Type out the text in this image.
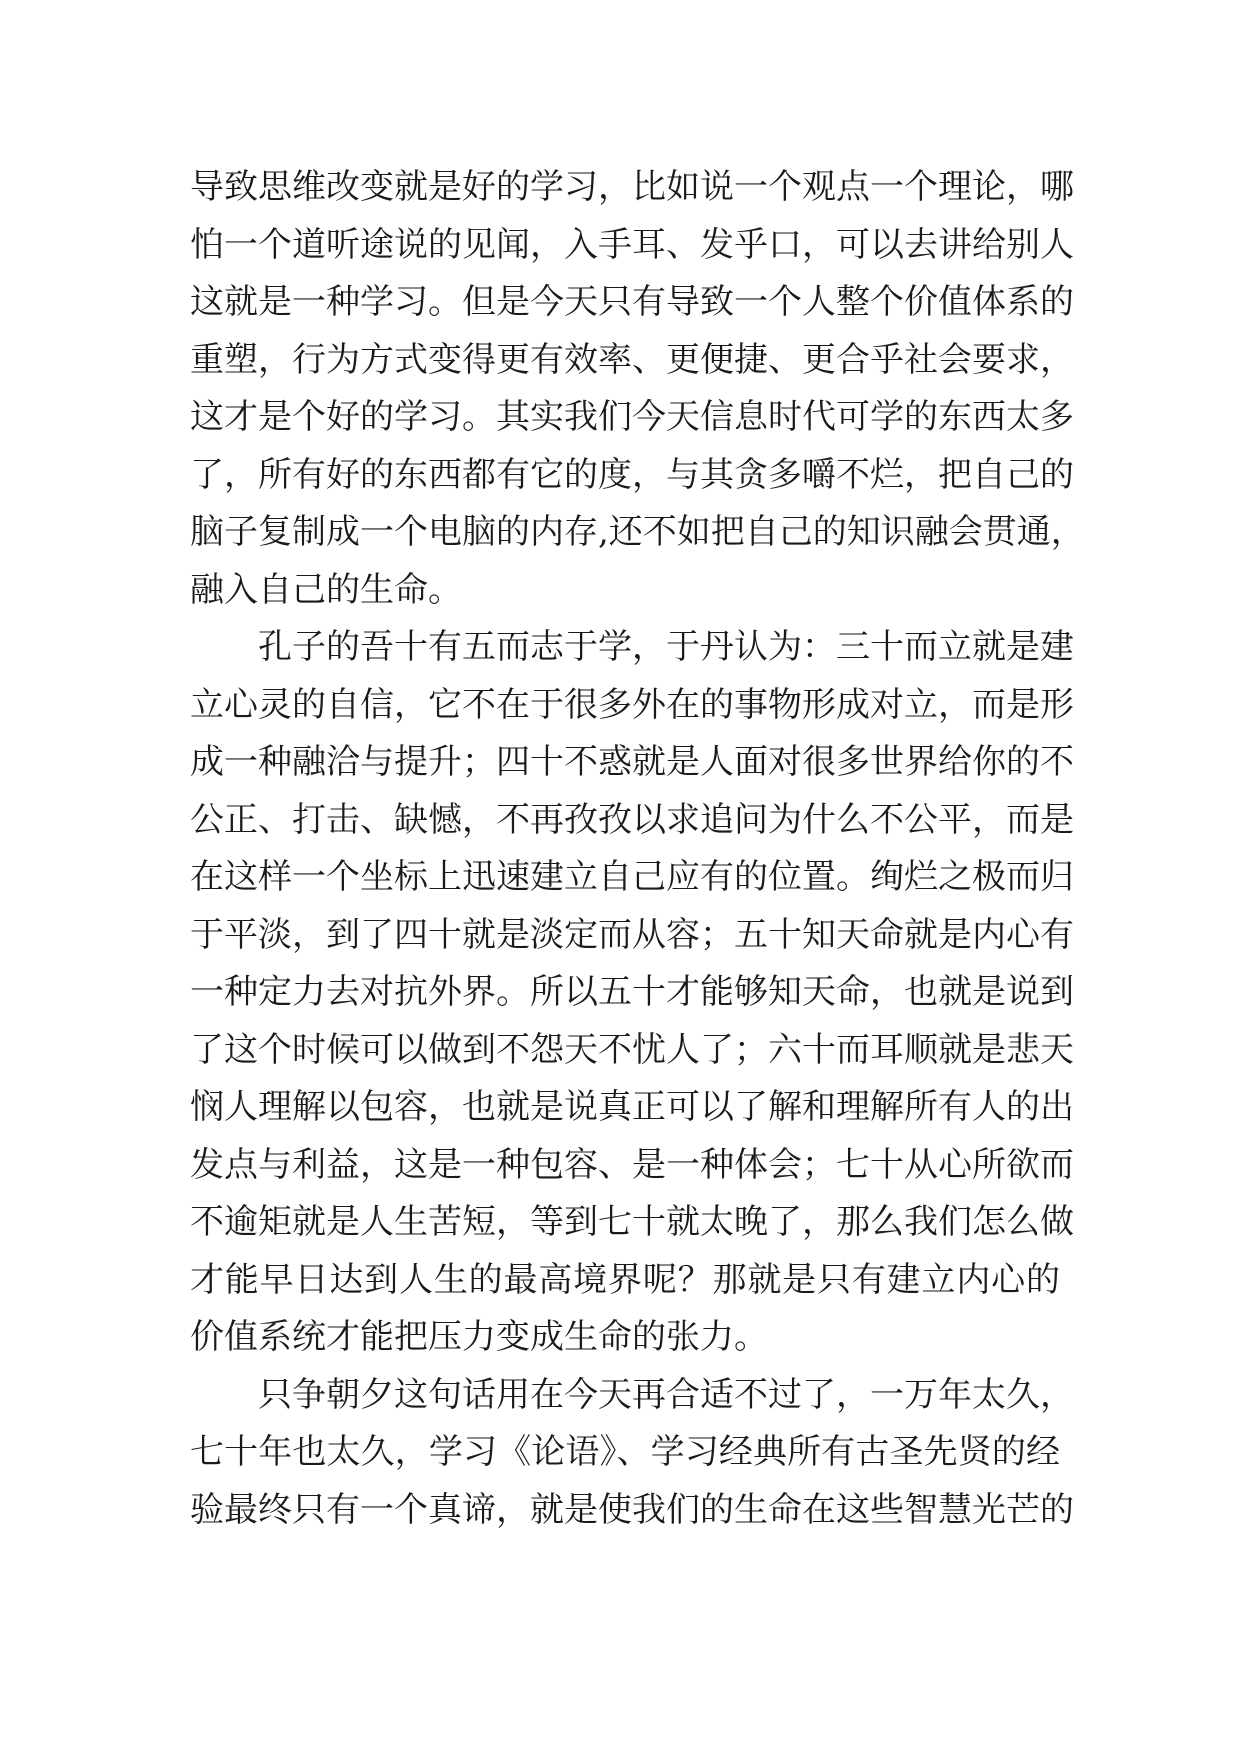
导致思维改变就是好的学习，比如说一个观点一个理论，哪
怕一个道听途说的见闻，入手耳、发乎口，可以去讲给别人
这就是一种学习。但是今天只有导致一个人整个价值体系的
重塑，行为方式变得更有效率、更便捷、更合乎社会要求，
这才是个好的学习。其实我们今天信息时代可学的东西太多
了，所有好的东西都有它的度，与其贪多嚼不烂，把自己的
脑子复制成一个电脑的内存,还不如把自己的知识融会贯通，
融入自己的生命。
　　孔子的吾十有五而志于学，于丹认为：三十而立就是建
立心灵的自信，它不在于很多外在的事物形成对立，而是形
成一种融洽与提升；四十不惑就是人面对很多世界给你的不
公正、打击、缺憾，不再孜孜以求追问为什么不公平，而是
在这样一个坐标上迅速建立自己应有的位置。绚烂之极而归
于平淡，到了四十就是淡定而从容；五十知天命就是内心有
一种定力去对抗外界。所以五十才能够知天命，也就是说到
了这个时候可以做到不怨天不忧人了；六十而耳顺就是悲天
悯人理解以包容，也就是说真正可以了解和理解所有人的出
发点与利益，这是一种包容、是一种体会；七十从心所欲而
不逾矩就是人生苦短，等到七十就太晚了，那么我们怎么做
才能早日达到人生的最高境界呢？那就是只有建立内心的
价值系统才能把压力变成生命的张力。
　　只争朝夕这句话用在今天再合适不过了，一万年太久，
七十年也太久，学习《论语》、学习经典所有古圣先贤的经
验最终只有一个真谛，就是使我们的生命在这些智慧光芒的
